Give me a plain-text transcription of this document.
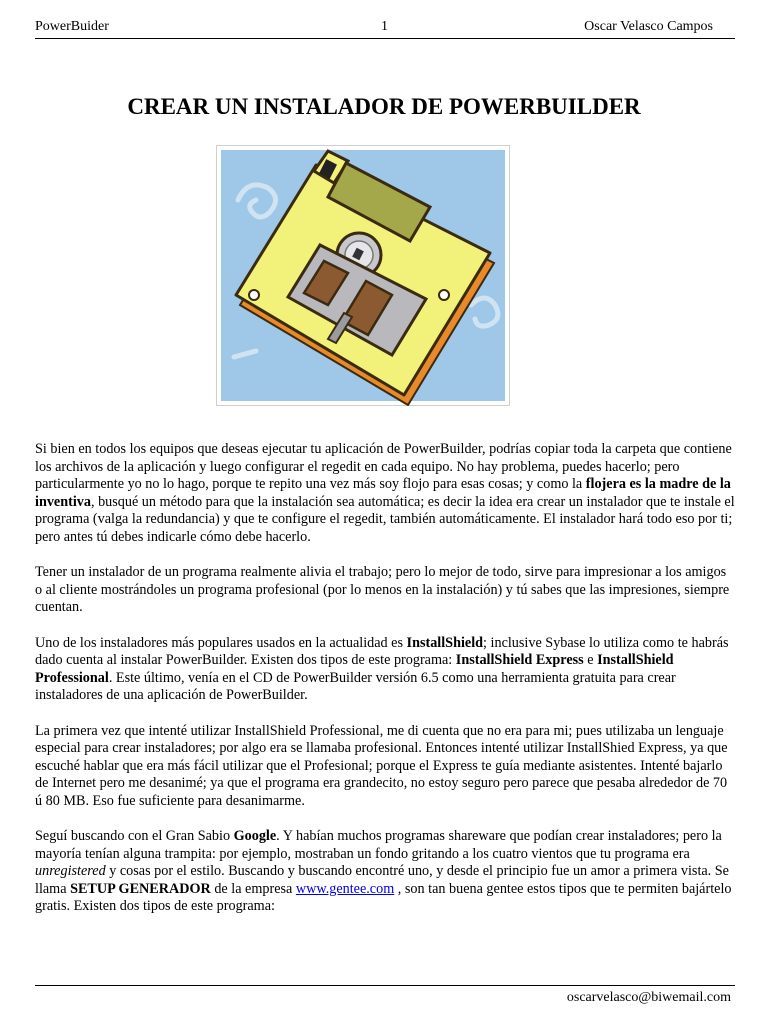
PowerBuider	1	Oscar Velasco Campos
CREAR UN INSTALADOR DE POWERBUILDER

Si bien en todos los equipos que deseas ejecutar tu aplicación de PowerBuilder, podrías copiar toda la carpeta que contiene los archivos de la aplicación y luego configurar el regedit en cada equipo. No hay problema, puedes hacerlo; pero particularmente yo no lo hago, porque te repito una vez más soy flojo para esas cosas; y como la flojera es la madre de la inventiva, busqué un método para que la instalación sea automática; es decir la idea era crear un instalador que te instale el programa (valga la redundancia) y que te configure el regedit, también automáticamente. El instalador hará todo eso por ti; pero antes tú debes indicarle cómo debe hacerlo.

Tener un instalador de un programa realmente alivia el trabajo; pero lo mejor de todo, sirve para impresionar a los amigos o al cliente mostrándoles un programa profesional (por lo menos en la instalación) y tú sabes que las impresiones, siempre cuentan.

Uno de los instaladores más populares usados en la actualidad es InstallShield; inclusive Sybase lo utiliza como te habrás dado cuenta al instalar PowerBuilder. Existen dos tipos de este programa: InstallShield Express e InstallShield Professional. Este último, venía en el CD de PowerBuilder versión 6.5 como una herramienta gratuita para crear instaladores de una aplicación de PowerBuilder.

La primera vez que intenté utilizar InstallShield Professional, me di cuenta que no era para mi; pues utilizaba un lenguaje especial para crear instaladores; por algo era se llamaba profesional. Entonces intenté utilizar InstallShied Express, ya que escuché hablar que era más fácil utilizar que el Profesional; porque el Express te guía mediante asistentes. Intenté bajarlo de Internet pero me desanimé; ya que el programa era grandecito, no estoy seguro pero parece que pesaba alrededor de 70 ú 80 MB. Eso fue suficiente para desanimarme.

Seguí buscando con el Gran Sabio Google. Y habían muchos programas shareware que podían crear instaladores; pero la mayoría tenían alguna trampita: por ejemplo, mostraban un fondo gritando a los cuatro vientos que tu programa era unregistered y cosas por el estilo. Buscando y buscando encontré uno, y desde el principio fue un amor a primera vista. Se llama SETUP GENERADOR de la empresa www.gentee.com , son tan buena gentee estos tipos que te permiten bajártelo gratis. Existen dos tipos de este programa:

oscarvelasco@biwemail.com
